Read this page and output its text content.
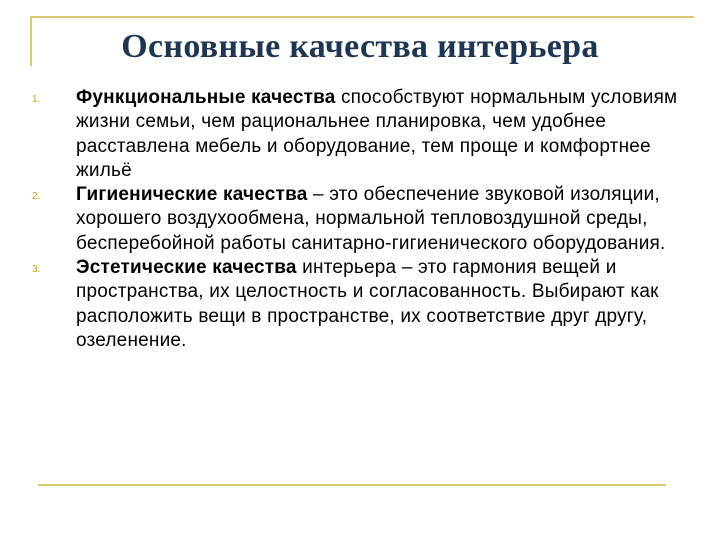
Основные качества интерьера
1.	Функциональные качества способствуют нормальным условиям жизни семьи, чем рациональнее планировка, чем удобнее расставлена мебель и оборудование, тем проще и комфортнее жильё
2.	Гигиенические качества – это обеспечение звуковой изоляции, хорошего воздухообмена, нормальной тепловоздушной среды, бесперебойной работы санитарно-гигиенического оборудования.
3.	Эстетические качества интерьера – это гармония вещей и пространства, их целостность и согласованность. Выбирают как расположить вещи в пространстве, их соответствие друг другу, озеленение.
